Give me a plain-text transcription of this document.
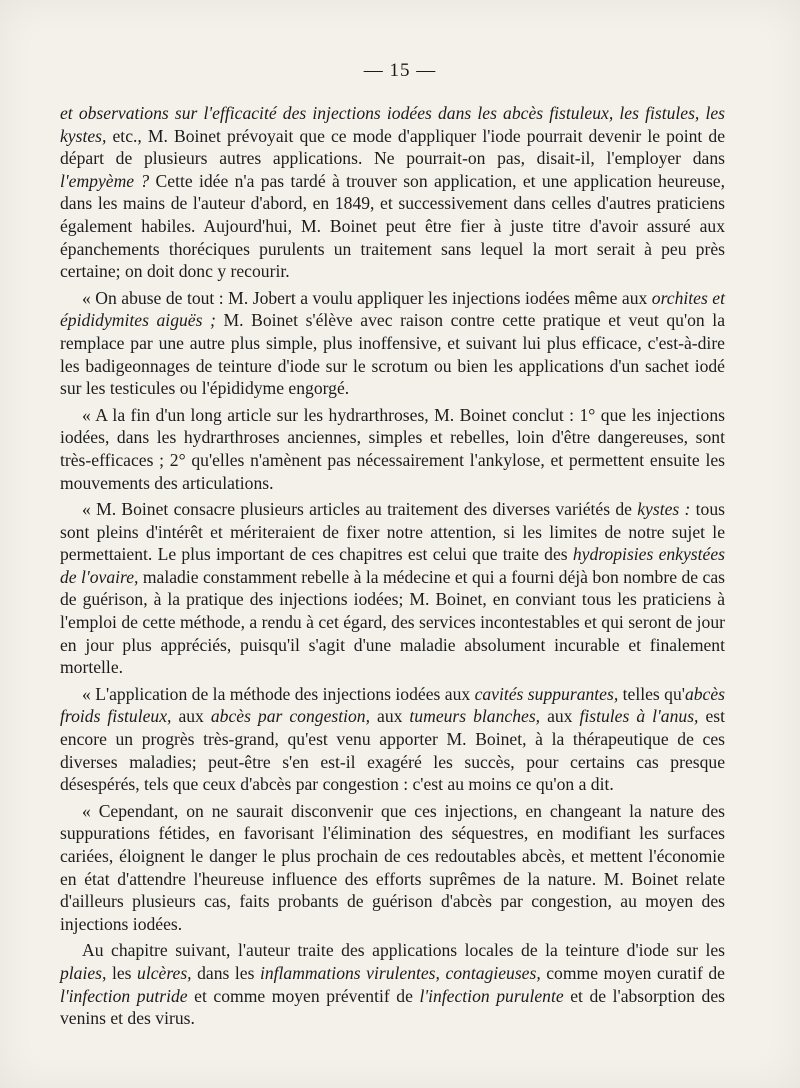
— 15 —

et observations sur l'efficacité des injections iodées dans les abcès fistuleux, les fistules, les kystes, etc., M. Boinet prévoyait que ce mode d'appliquer l'iode pourrait devenir le point de départ de plusieurs autres applications. Ne pourrait-on pas, disait-il, l'employer dans l'empyème ? Cette idée n'a pas tardé à trouver son application, et une application heureuse, dans les mains de l'auteur d'abord, en 1849, et successivement dans celles d'autres praticiens également habiles. Aujourd'hui, M. Boinet peut être fier à juste titre d'avoir assuré aux épanchements thoréciques purulents un traitement sans lequel la mort serait à peu près certaine; on doit donc y recourir.

« On abuse de tout : M. Jobert a voulu appliquer les injections iodées même aux orchites et épididymites aiguës ; M. Boinet s'élève avec raison contre cette pratique et veut qu'on la remplace par une autre plus simple, plus inoffensive, et suivant lui plus efficace, c'est-à-dire les badigeonnages de teinture d'iode sur le scrotum ou bien les applications d'un sachet iodé sur les testicules ou l'épididyme engorgé.

« A la fin d'un long article sur les hydrarthroses, M. Boinet conclut : 1° que les injections iodées, dans les hydrarthroses anciennes, simples et rebelles, loin d'être dangereuses, sont très-efficaces ; 2° qu'elles n'amènent pas nécessairement l'ankylose, et permettent ensuite les mouvements des articulations.

« M. Boinet consacre plusieurs articles au traitement des diverses variétés de kystes : tous sont pleins d'intérêt et mériteraient de fixer notre attention, si les limites de notre sujet le permettaient. Le plus important de ces chapitres est celui que traite des hydropisies enkystées de l'ovaire, maladie constamment rebelle à la médecine et qui a fourni déjà bon nombre de cas de guérison, à la pratique des injections iodées; M. Boinet, en conviant tous les praticiens à l'emploi de cette méthode, a rendu à cet égard, des services incontestables et qui seront de jour en jour plus appréciés, puisqu'il s'agit d'une maladie absolument incurable et finalement mortelle.

« L'application de la méthode des injections iodées aux cavités suppurantes, telles qu'abcès froids fistuleux, aux abcès par congestion, aux tumeurs blanches, aux fistules à l'anus, est encore un progrès très-grand, qu'est venu apporter M. Boinet, à la thérapeutique de ces diverses maladies; peut-être s'en est-il exagéré les succès, pour certains cas presque désespérés, tels que ceux d'abcès par congestion : c'est au moins ce qu'on a dit.

« Cependant, on ne saurait disconvenir que ces injections, en changeant la nature des suppurations fétides, en favorisant l'élimination des séquestres, en modifiant les surfaces cariées, éloignent le danger le plus prochain de ces redoutables abcès, et mettent l'économie en état d'attendre l'heureuse influence des efforts suprêmes de la nature. M. Boinet relate d'ailleurs plusieurs cas, faits probants de guérison d'abcès par congestion, au moyen des injections iodées.

Au chapitre suivant, l'auteur traite des applications locales de la teinture d'iode sur les plaies, les ulcères, dans les inflammations virulentes, contagieuses, comme moyen curatif de l'infection putride et comme moyen préventif de l'infection purulente et de l'absorption des venins et des virus.
